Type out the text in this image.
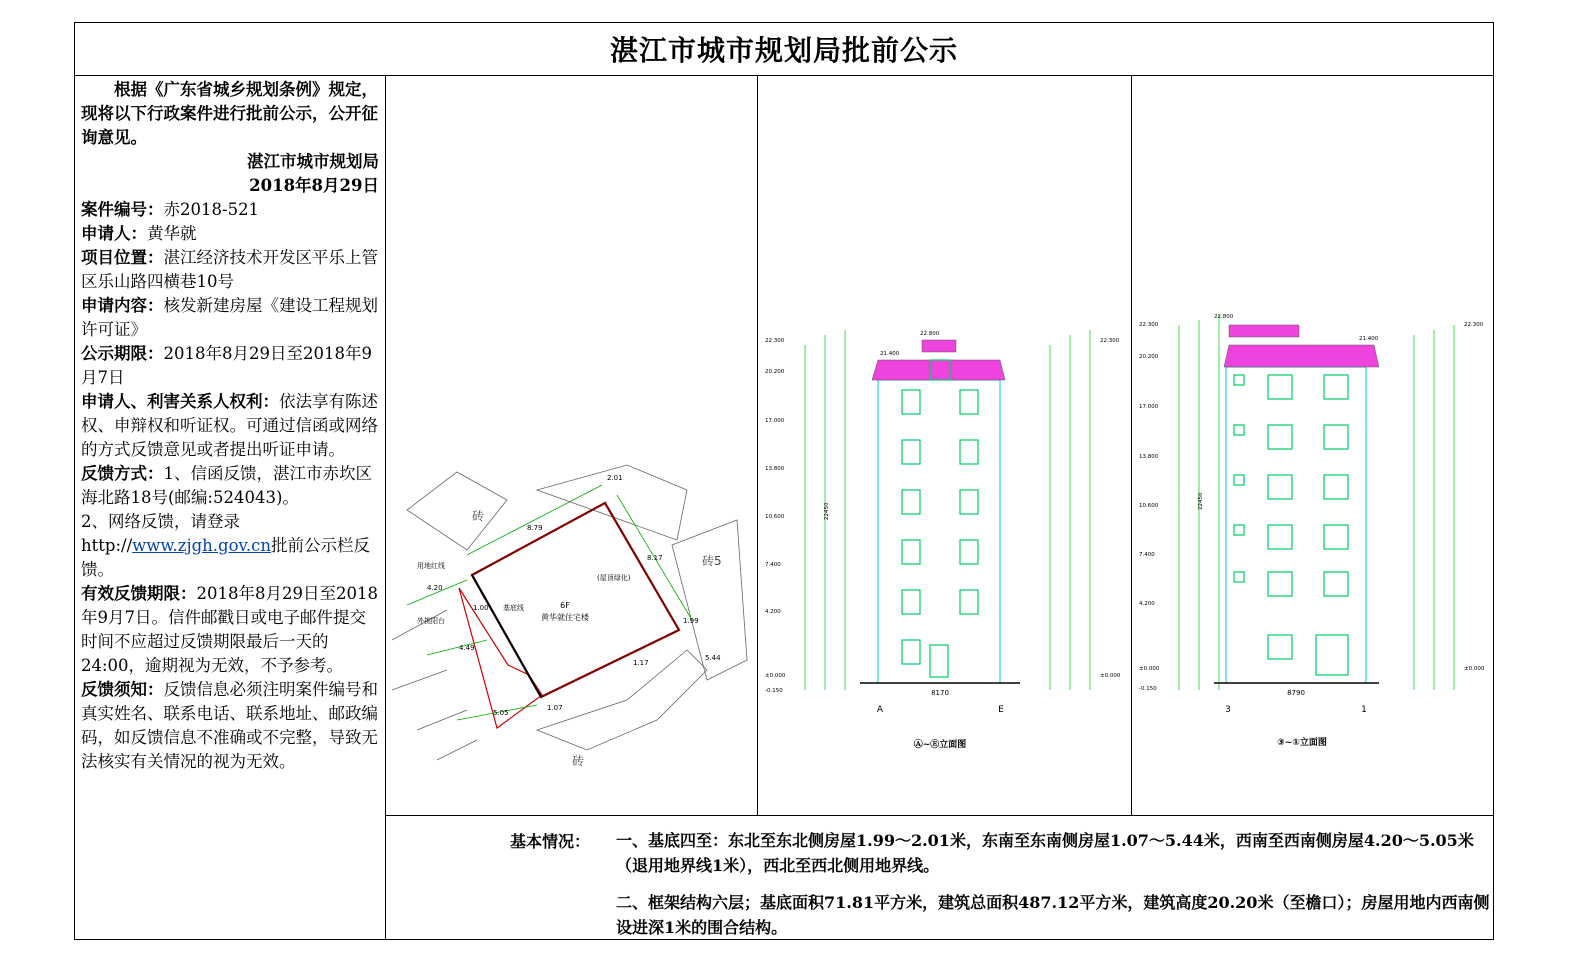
湛江市城市规划局批前公示

根据《广东省城乡规划条例》规定，现将以下行政案件进行批前公示，公开征询意见。

湛江市城市规划局

2018年8月29日

案件编号：赤2018-521

申请人：黄华就

项目位置：湛江经济技术开发区平乐上管区乐山路四横巷10号

申请内容：核发新建房屋《建设工程规划许可证》

公示期限：2018年8月29日至2018年9月7日

申请人、利害关系人权利：依法享有陈述权、申辩权和听证权。可通过信函或网络的方式反馈意见或者提出听证申请。

反馈方式：1、信函反馈，湛江市赤坎区海北路18号(邮编:524043)。

2、网络反馈，请登录http://www.zjgh.gov.cn批前公示栏反馈。

有效反馈期限：2018年8月29日至2018年9月7日。信件邮戳日或电子邮件提交时间不应超过反馈期限最后一天的24:00，逾期视为无效，不予参考。

反馈须知：反馈信息必须注明案件编号和真实姓名、联系电话、联系地址、邮政编码，如反馈信息不准确或不完整，导致无法核实有关情况的视为无效。

2.01
8.79
8.17
4.20
1.00
1.99
4.49
5.44
1.17
5.05
1.07
用地红线
基底线
外挑阳台
(屋顶绿化)
砖
砖5
砖
6F
黄华就住宅楼
8170
A	E
Ⓐ~Ⓔ立面图
22.300
20.200
17.000
13.800
10.600
7.400
4.200
±0.000
-0.150
22.300
±0.000
22.800
21.400
22450
8790
3	1
③~①立面图
22.300
20.200
17.000
13.800
10.600
7.400
4.200
±0.000
-0.150
22.300
±0.000
22.800
21.400
22450
基本情况： 一、基底四至：东北至东北侧房屋1.99～2.01米，东南至东南侧房屋1.07～5.44米，西南至西南侧房屋4.20～5.05米（退用地界线1米），西北至西北侧用地界线。
二、框架结构六层；基底面积71.81平方米，建筑总面积487.12平方米，建筑高度20.20米（至檐口）；房屋用地内西南侧设进深1米的围合结构。
